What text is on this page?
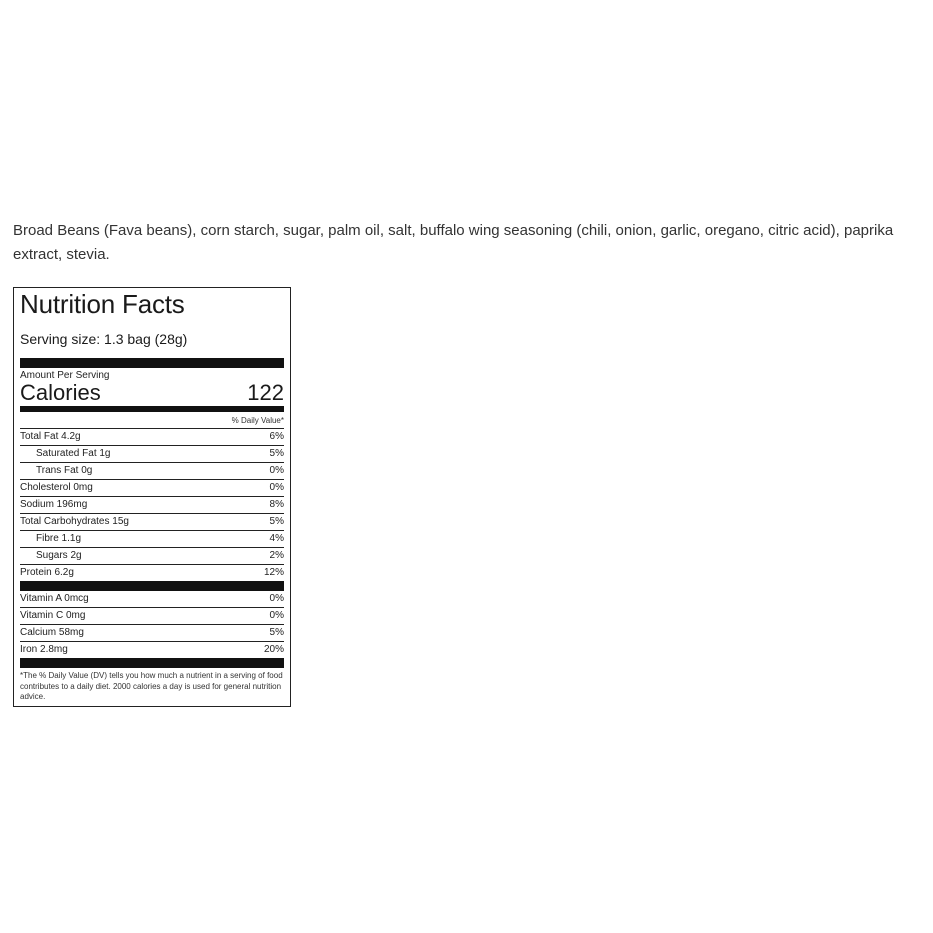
Broad Beans (Fava beans), corn starch, sugar, palm oil, salt, buffalo wing seasoning (chili, onion, garlic, oregano, citric acid), paprika extract, stevia.

Nutrition Facts
Serving size: 1.3 bag (28g)
Amount Per Serving
Calories	122
% Daily Value*
Total Fat 4.2g	6%
Saturated Fat 1g	5%
Trans Fat 0g	0%
Cholesterol 0mg	0%
Sodium 196mg	8%
Total Carbohydrates 15g	5%
Fibre 1.1g	4%
Sugars 2g	2%
Protein 6.2g	12%
Vitamin A 0mcg	0%
Vitamin C 0mg	0%
Calcium 58mg	5%
Iron 2.8mg	20%
*The % Daily Value (DV) tells you how much a nutrient in a serving of food contributes to a daily diet. 2000 calories a day is used for general nutrition advice.
